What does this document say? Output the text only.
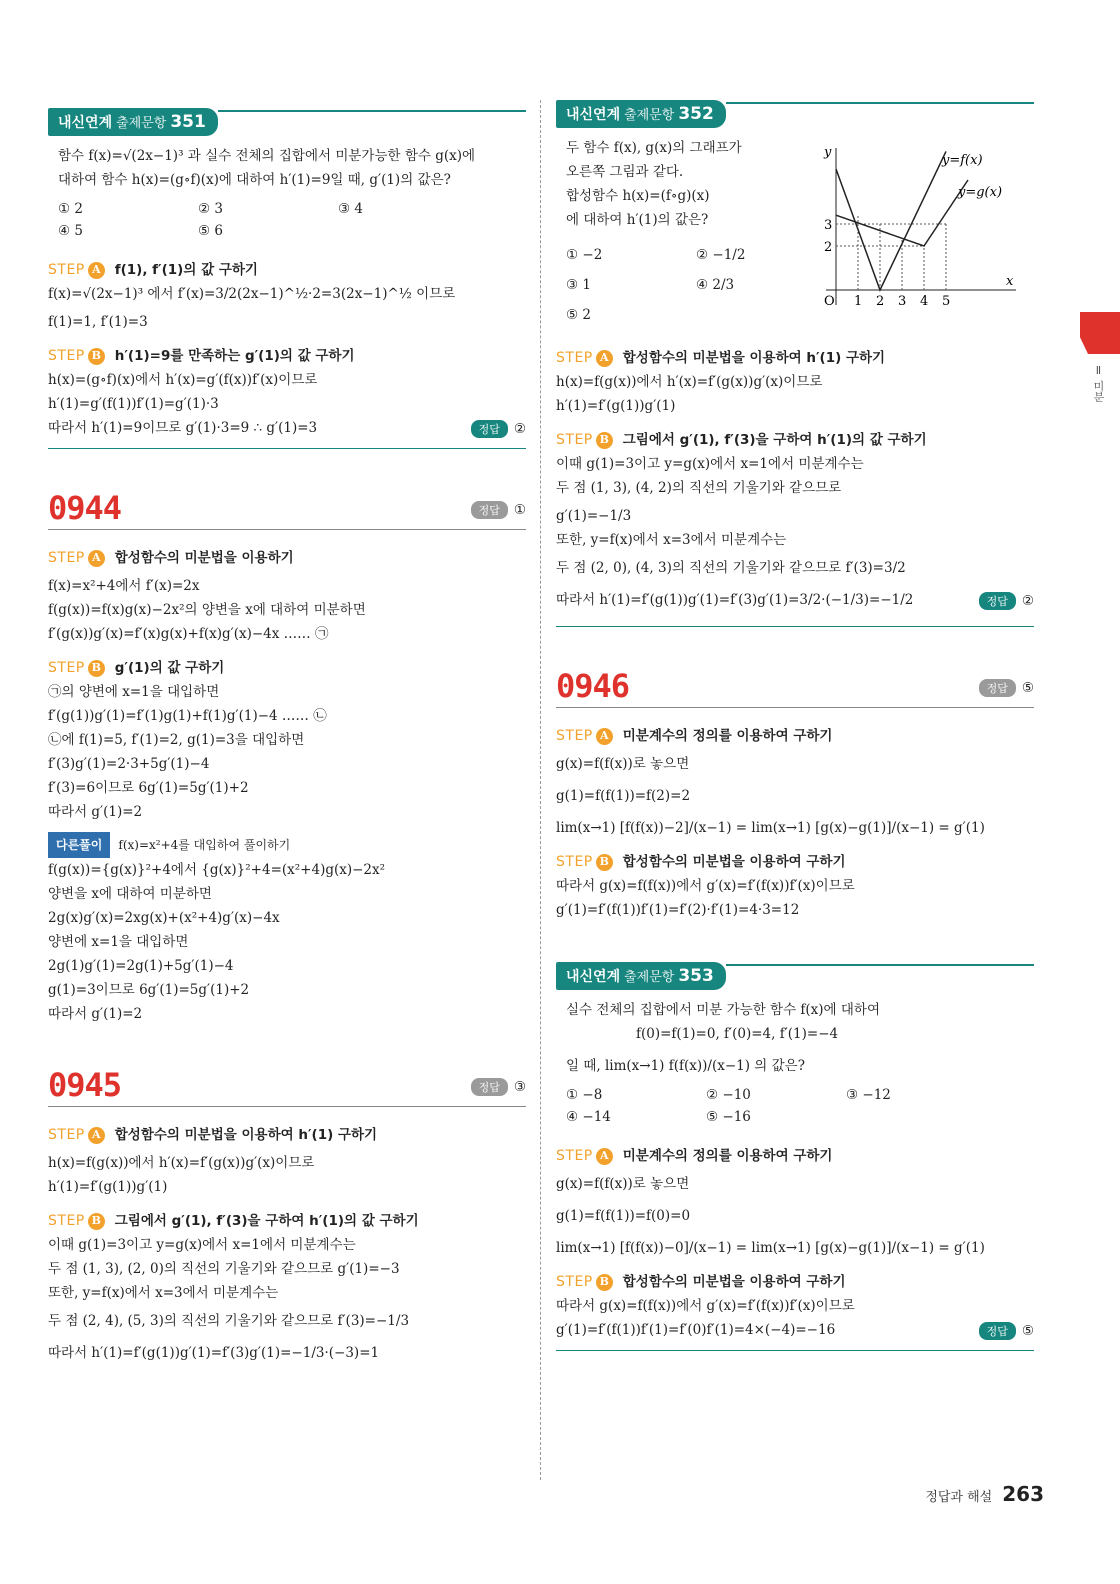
Ⅱ 미분
내신연계 출제문항 351
함수 f(x)=√(2x−1)³ 과 실수 전체의 집합에서 미분가능한 함수 g(x)에
대하여 함수 h(x)=(g∘f)(x)에 대하여 h′(1)=9일 때, g′(1)의 값은?
① 2	② 3	③ 4
④ 5	⑤ 6
STEP A	f(1), f′(1)의 값 구하기
f(x)=√(2x−1)³ 에서 f′(x)=3/2(2x−1)^½·2=3(2x−1)^½ 이므로
f(1)=1, f′(1)=3
STEP B h′(1)=9를 만족하는 g′(1)의 값 구하기
h(x)=(g∘f)(x)에서 h′(x)=g′(f(x))f′(x)이므로
h′(1)=g′(f(1))f′(1)=g′(1)·3
따라서 h′(1)=9이므로 g′(1)·3=9 ∴ g′(1)=3	정답	②
0944	정답	①
STEP A	합성함수의 미분법을 이용하기
f(x)=x²+4에서 f′(x)=2x
f(g(x))=f(x)g(x)−2x²의 양변을 x에 대하여 미분하면
f′(g(x))g′(x)=f′(x)g(x)+f(x)g′(x)−4x …… ㉠
STEP B g′(1)의 값 구하기
㉠의 양변에 x=1을 대입하면
f′(g(1))g′(1)=f′(1)g(1)+f(1)g′(1)−4 …… ㉡
㉡에 f(1)=5, f′(1)=2, g(1)=3을 대입하면
f′(3)g′(1)=2·3+5g′(1)−4
f′(3)=6이므로 6g′(1)=5g′(1)+2
따라서 g′(1)=2
다른풀이 f(x)=x²+4를 대입하여 풀이하기
f(g(x))={g(x)}²+4에서 {g(x)}²+4=(x²+4)g(x)−2x²
양변을 x에 대하여 미분하면
2g(x)g′(x)=2xg(x)+(x²+4)g′(x)−4x
양변에 x=1을 대입하면
2g(1)g′(1)=2g(1)+5g′(1)−4
g(1)=3이므로 6g′(1)=5g′(1)+2
따라서 g′(1)=2
0945	정답	③
STEP A	합성함수의 미분법을 이용하여 h′(1) 구하기
h(x)=f(g(x))에서 h′(x)=f′(g(x))g′(x)이므로
h′(1)=f′(g(1))g′(1)
STEP B 그림에서 g′(1), f′(3)을 구하여 h′(1)의 값 구하기
이때 g(1)=3이고 y=g(x)에서 x=1에서 미분계수는
두 점 (1, 3), (2, 0)의 직선의 기울기와 같으므로 g′(1)=−3
또한, y=f(x)에서 x=3에서 미분계수는
두 점 (2, 4), (5, 3)의 직선의 기울기와 같으므로 f′(3)=−1/3
따라서 h′(1)=f′(g(1))g′(1)=f′(3)g′(1)=−1/3·(−3)=1
내신연계 출제문항 352
두 함수 f(x), g(x)의 그래프가
오른쪽 그림과 같다.
합성함수 h(x)=(f∘g)(x)
에 대하여 h′(1)의 값은?
① −2	② −1/2
③ 1	④ 2/3
⑤ 2
y
x
O 1 2 3 4 5
2
3
y=f(x)
y=g(x)
STEP A	합성함수의 미분법을 이용하여 h′(1) 구하기
h(x)=f(g(x))에서 h′(x)=f′(g(x))g′(x)이므로
h′(1)=f′(g(1))g′(1)
STEP B 그림에서 g′(1), f′(3)을 구하여 h′(1)의 값 구하기
이때 g(1)=3이고 y=g(x)에서 x=1에서 미분계수는
두 점 (1, 3), (4, 2)의 직선의 기울기와 같으므로
g′(1)=−1/3
또한, y=f(x)에서 x=3에서 미분계수는
두 점 (2, 0), (4, 3)의 직선의 기울기와 같으므로 f′(3)=3/2
따라서 h′(1)=f′(g(1))g′(1)=f′(3)g′(1)=3/2·(−1/3)=−1/2	정답	②
0946	정답	⑤
STEP A	미분계수의 정의를 이용하여 구하기
g(x)=f(f(x))로 놓으면
g(1)=f(f(1))=f(2)=2
lim(x→1) [f(f(x))−2]/(x−1) = lim(x→1) [g(x)−g(1)]/(x−1) = g′(1)
STEP B 합성함수의 미분법을 이용하여 구하기
따라서 g(x)=f(f(x))에서 g′(x)=f′(f(x))f′(x)이므로
g′(1)=f′(f(1))f′(1)=f′(2)·f′(1)=4·3=12
내신연계 출제문항 353
실수 전체의 집합에서 미분 가능한 함수 f(x)에 대하여
f(0)=f(1)=0, f′(0)=4, f′(1)=−4
일 때, lim(x→1) f(f(x))/(x−1) 의 값은?
① −8	② −10	③ −12
④ −14	⑤ −16
STEP A	미분계수의 정의를 이용하여 구하기
g(x)=f(f(x))로 놓으면
g(1)=f(f(1))=f(0)=0
lim(x→1) [f(f(x))−0]/(x−1) = lim(x→1) [g(x)−g(1)]/(x−1) = g′(1)
STEP B 합성함수의 미분법을 이용하여 구하기
따라서 g(x)=f(f(x))에서 g′(x)=f′(f(x))f′(x)이므로
g′(1)=f′(f(1))f′(1)=f′(0)f′(1)=4×(−4)=−16	정답	⑤
정답과 해설 263
